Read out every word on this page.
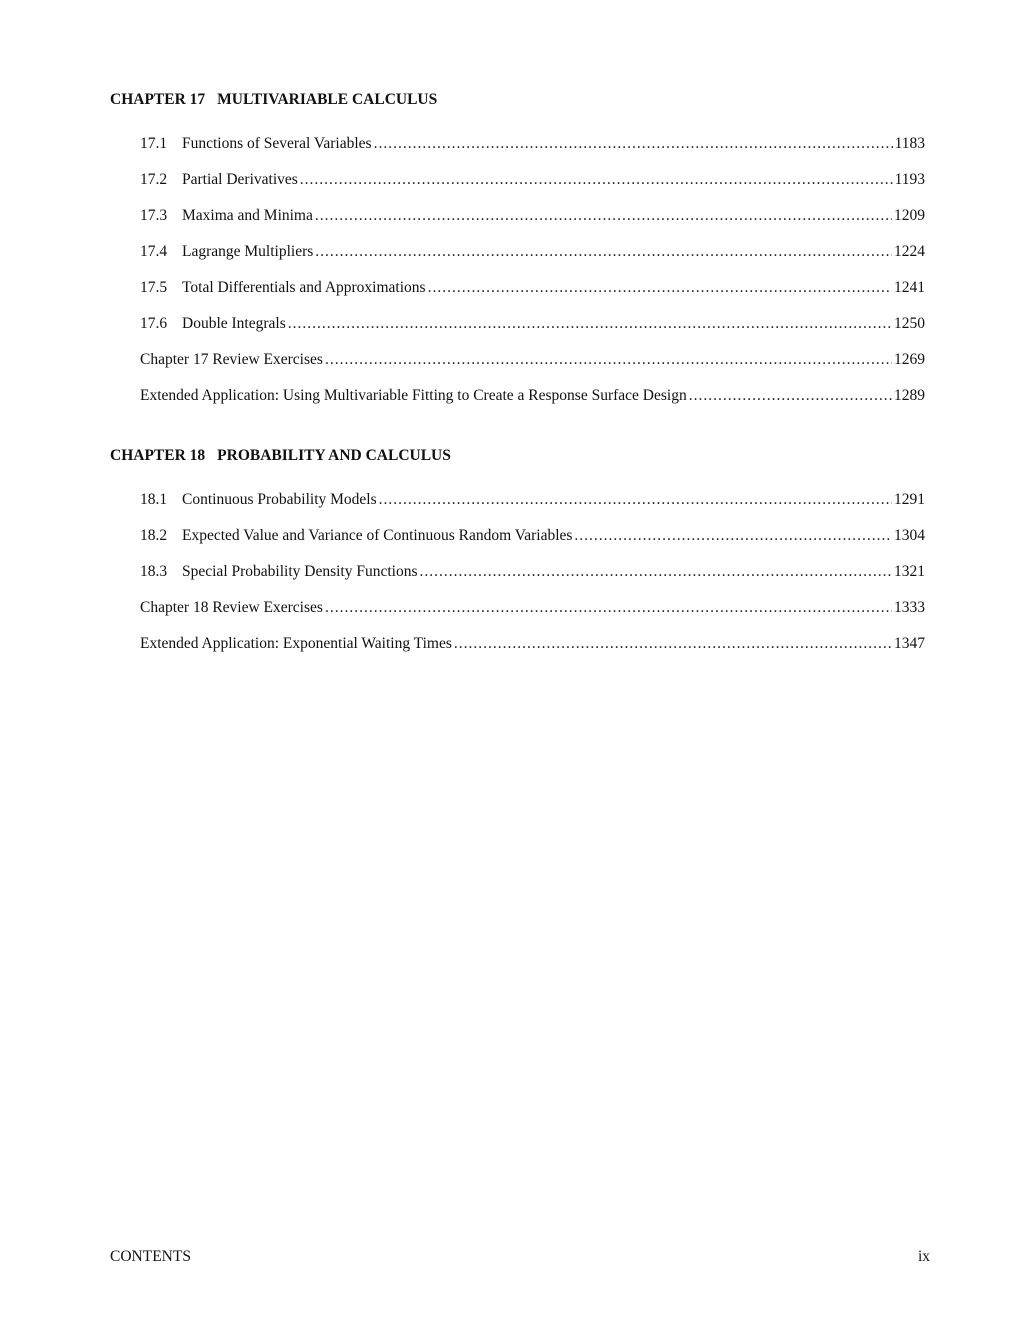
CHAPTER 17 MULTIVARIABLE CALCULUS
17.1 Functions of Several Variables .....	1183
17.2 Partial Derivatives .....	1193
17.3 Maxima and Minima .....	1209
17.4 Lagrange Multipliers .....	1224
17.5 Total Differentials and Approximations .....	1241
17.6 Double Integrals .....	1250
Chapter 17 Review Exercises .....	1269
Extended Application: Using Multivariable Fitting to Create a Response Surface Design .....	1289
CHAPTER 18 PROBABILITY AND CALCULUS
18.1 Continuous Probability Models .....	1291
18.2 Expected Value and Variance of Continuous Random Variables .....	1304
18.3 Special Probability Density Functions .....	1321
Chapter 18 Review Exercises .....	1333
Extended Application: Exponential Waiting Times .....	1347
CONTENTS	ix
